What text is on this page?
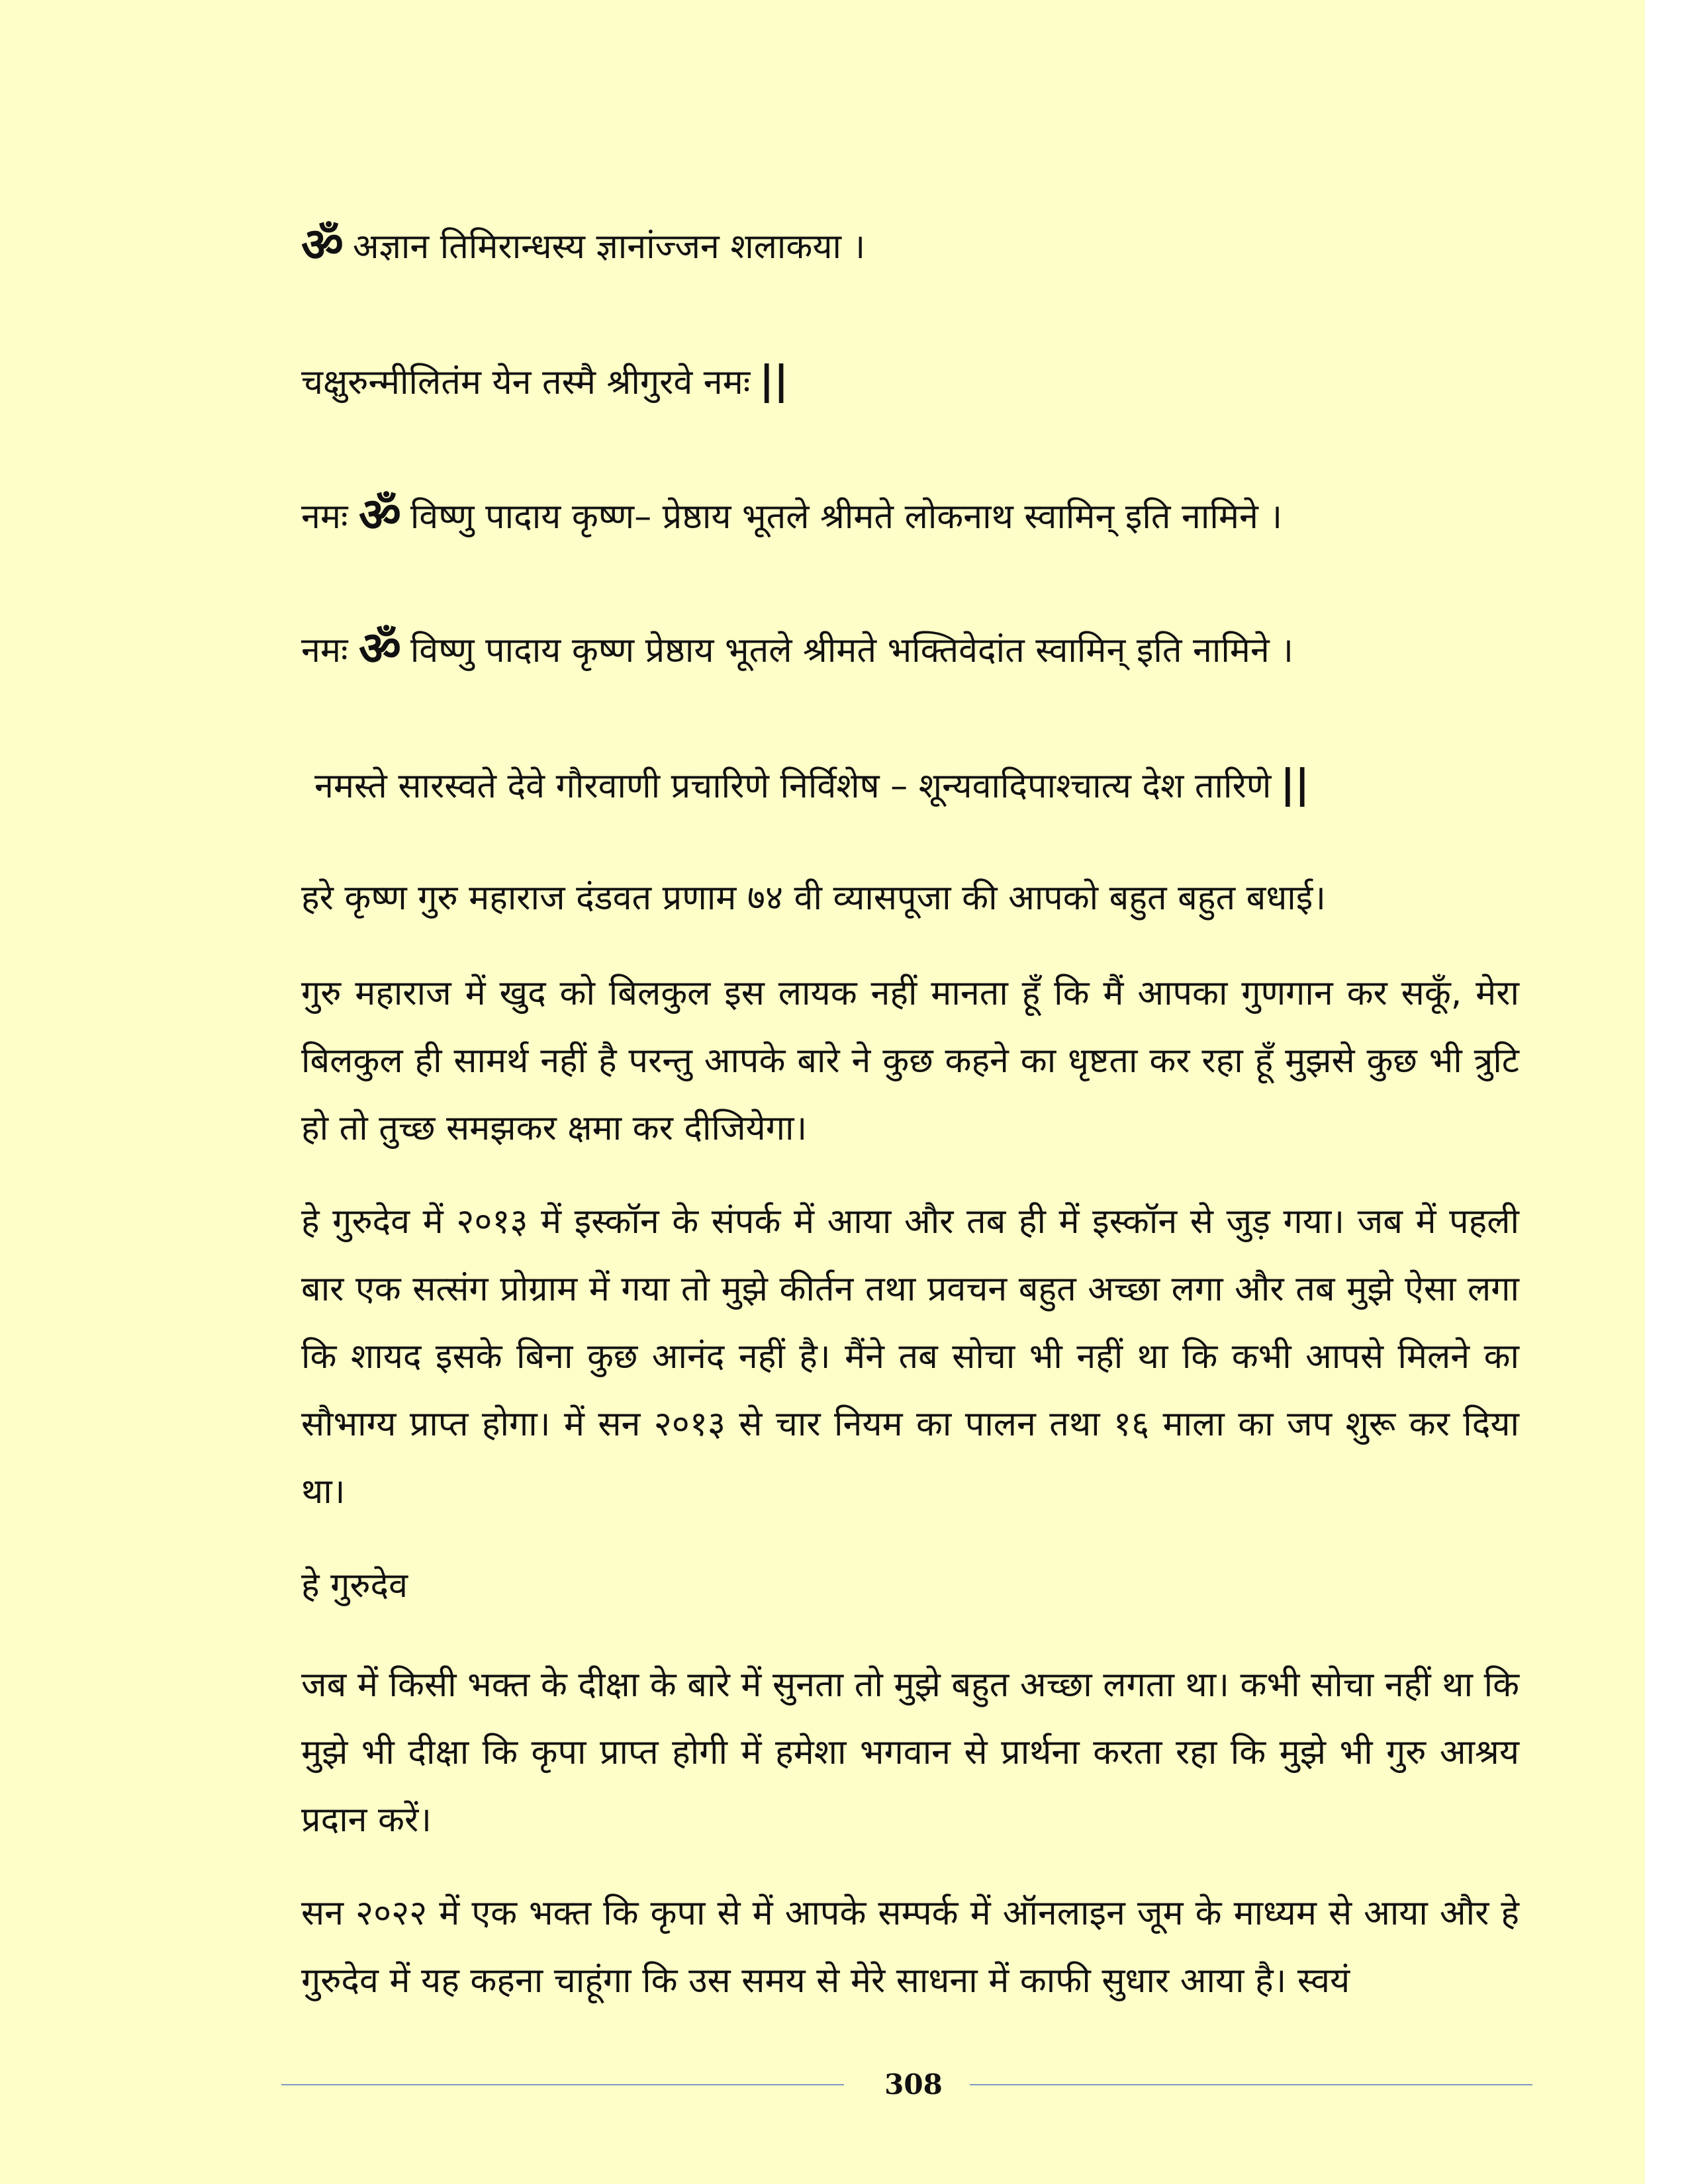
ॐ अज्ञान तिमिरान्धस्य ज्ञानांज्जन शलाकया ।
चक्षुरुन्मीलितंम येन तस्मै श्रीगुरवे नमः ||
नमः ॐ विष्णु पादाय कृष्ण– प्रेष्ठाय भूतले श्रीमते लोकनाथ स्वामिन् इति नामिने ।
नमः ॐ विष्णु पादाय कृष्ण प्रेष्ठाय भूतले श्रीमते भक्तिवेदांत स्वामिन् इति नामिने ।
नमस्ते सारस्वते देवे गौरवाणी प्रचारिणे निर्विशेष – शून्यवादिपाश्चात्य देश तारिणे ||

हरे कृष्ण गुरु महाराज दंडवत प्रणाम ७४ वी व्यासपूजा की आपको बहुत बहुत बधाई।

गुरु महाराज में खुद को बिलकुल इस लायक नहीं मानता हूँ कि मैं आपका गुणगान कर सकूँ, मेरा बिलकुल ही सामर्थ नहीं है परन्तु आपके बारे ने कुछ कहने का धृष्टता कर रहा हूँ मुझसे कुछ भी त्रुटि हो तो तुच्छ समझकर क्षमा कर दीजियेगा।

हे गुरुदेव में २०१३ में इस्कॉन के संपर्क में आया और तब ही में इस्कॉन से जुड़ गया। जब में पहली बार एक सत्संग प्रोग्राम में गया तो मुझे कीर्तन तथा प्रवचन बहुत अच्छा लगा और तब मुझे ऐसा लगा कि शायद इसके बिना कुछ आनंद नहीं है। मैंने तब सोचा भी नहीं था कि कभी आपसे मिलने का सौभाग्य प्राप्त होगा। में सन २०१३ से चार नियम का पालन तथा १६ माला का जप शुरू कर दिया था।

हे गुरुदेव

जब में किसी भक्त के दीक्षा के बारे में सुनता तो मुझे बहुत अच्छा लगता था। कभी सोचा नहीं था कि मुझे भी दीक्षा कि कृपा प्राप्त होगी में हमेशा भगवान से प्रार्थना करता रहा कि मुझे भी गुरु आश्रय प्रदान करें।

सन २०२२ में एक भक्त कि कृपा से में आपके सम्पर्क में ऑनलाइन जूम के माध्यम से आया और हे गुरुदेव में यह कहना चाहूंगा कि उस समय से मेरे साधना में काफी सुधार आया है। स्वयं

308
